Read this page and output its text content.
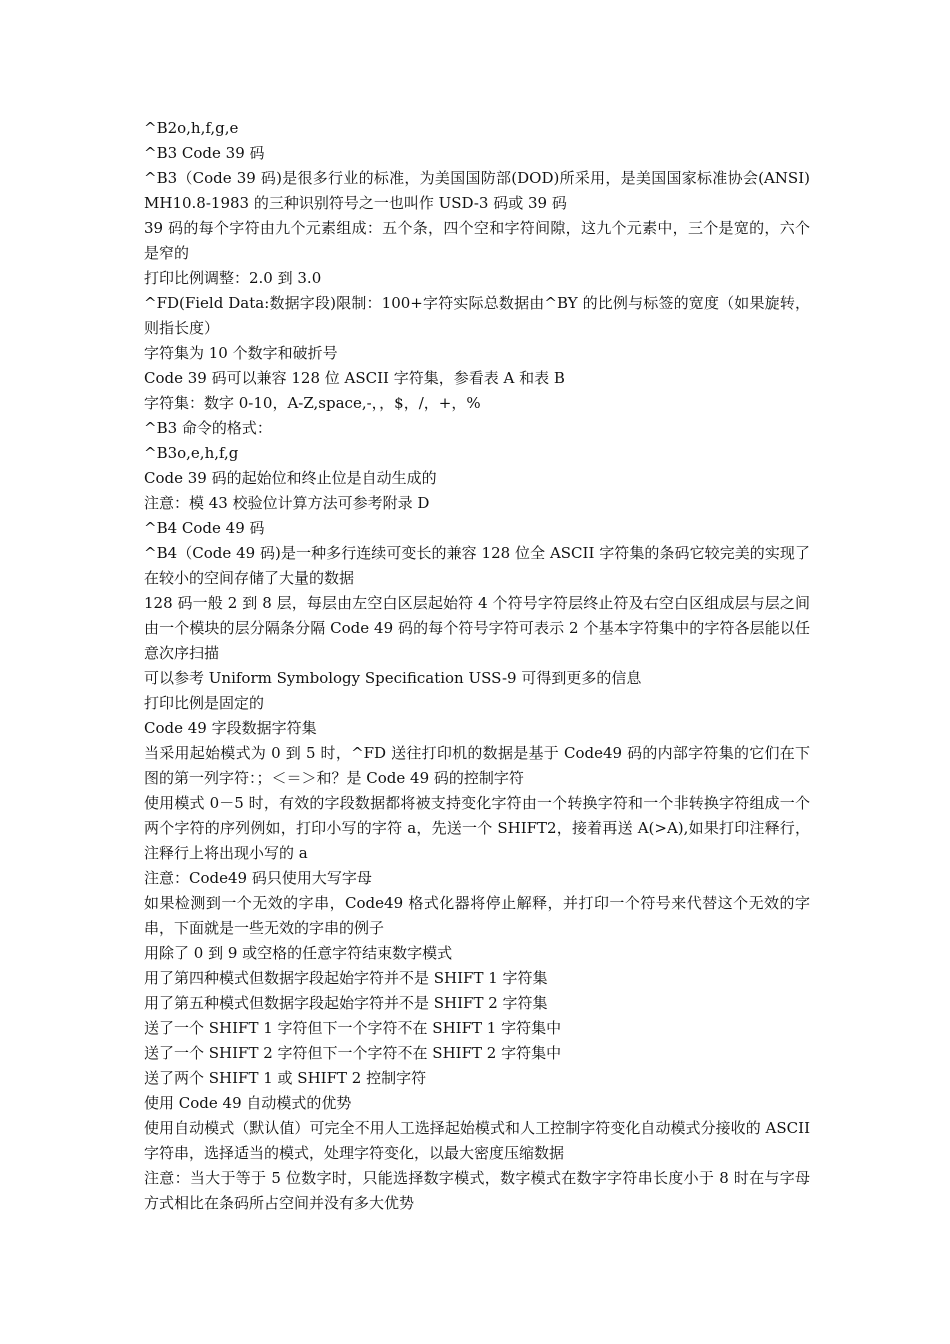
^B2o,h,f,g,e

^B3 Code 39 码

^B3（Code 39 码)是很多行业的标准，为美国国防部(DOD)所采用，是美国国家标准协会(ANSI)MH10.8-1983 的三种识别符号之一也叫作 USD-3 码或 39 码

39 码的每个字符由九个元素组成：五个条，四个空和字符间隙，这九个元素中，三个是宽的，六个是窄的

打印比例调整：2.0 到 3.0

^FD(Field Data:数据字段)限制：100+字符实际总数据由^BY 的比例与标签的宽度（如果旋转，则指长度）

字符集为 10 个数字和破折号

Code 39 码可以兼容 128 位 ASCII 字符集，参看表 A 和表 B

字符集：数字 0-10，A-Z,space,-，，$，/，+，%

^B3 命令的格式：

^B3o,e,h,f,g

Code 39 码的起始位和终止位是自动生成的

注意：模 43 校验位计算方法可参考附录 D

^B4 Code 49 码

^B4（Code 49 码)是一种多行连续可变长的兼容 128 位全 ASCII 字符集的条码它较完美的实现了在较小的空间存储了大量的数据

128 码一般 2 到 8 层，每层由左空白区层起始符 4 个符号字符层终止符及右空白区组成层与层之间由一个模块的层分隔条分隔 Code 49 码的每个符号字符可表示 2 个基本字符集中的字符各层能以任意次序扫描

可以参考 Uniform Symbology Specification USS-9 可得到更多的信息

打印比例是固定的

Code 49 字段数据字符集

当采用起始模式为 0 到 5 时，^FD 送往打印机的数据是基于 Code49 码的内部字符集的它们在下图的第一列字符：；＜＝＞和？是 Code 49 码的控制字符

使用模式 0－5 时，有效的字段数据都将被支持变化字符由一个转换字符和一个非转换字符组成一个两个字符的序列例如，打印小写的字符 a，先送一个 SHIFT2，接着再送 A(>A),如果打印注释行，注释行上将出现小写的 a

注意：Code49 码只使用大写字母

如果检测到一个无效的字串，Code49 格式化器将停止解释，并打印一个符号来代替这个无效的字串，下面就是一些无效的字串的例子

用除了 0 到 9 或空格的任意字符结束数字模式

用了第四种模式但数据字段起始字符并不是 SHIFT 1 字符集

用了第五种模式但数据字段起始字符并不是 SHIFT 2 字符集

送了一个 SHIFT 1 字符但下一个字符不在 SHIFT 1 字符集中

送了一个 SHIFT 2 字符但下一个字符不在 SHIFT 2 字符集中

送了两个 SHIFT 1 或 SHIFT 2 控制字符

使用 Code 49 自动模式的优势

使用自动模式（默认值）可完全不用人工选择起始模式和人工控制字符变化自动模式分接收的 ASCII 字符串，选择适当的模式，处理字符变化，以最大密度压缩数据

注意：当大于等于 5 位数字时，只能选择数字模式，数字模式在数字字符串长度小于 8 时在与字母方式相比在条码所占空间并没有多大优势
